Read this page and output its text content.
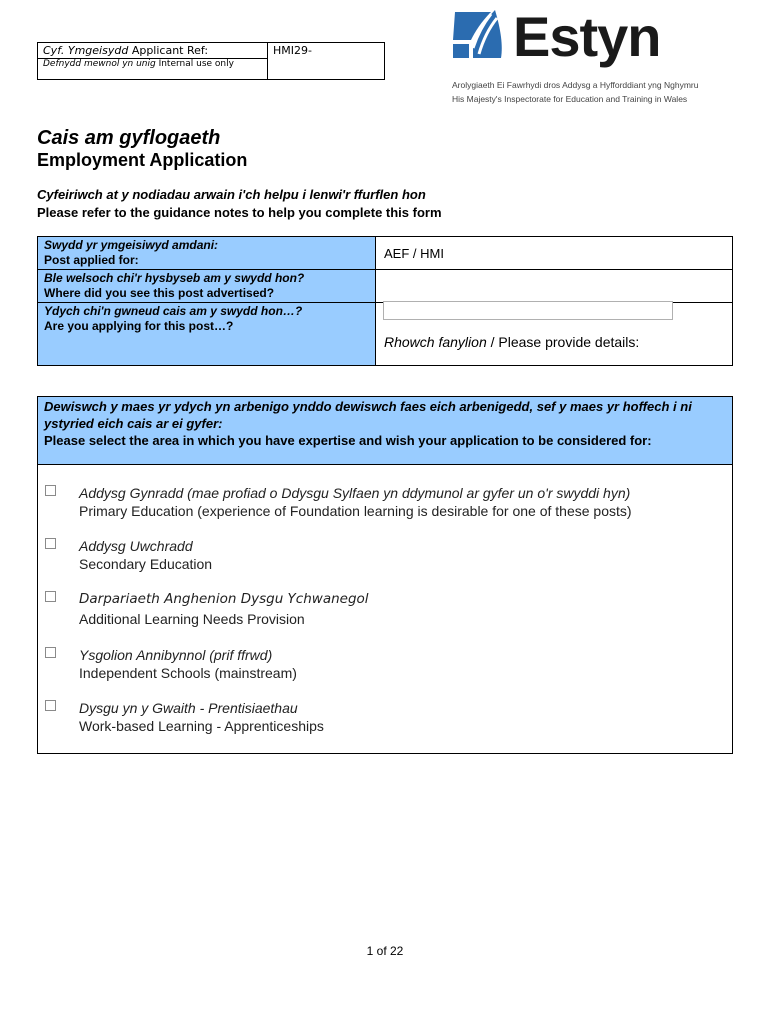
Cyf. Ymgeisydd Applicant Ref:
Defnydd mewnol yn unig Internal use only
HMI29-	Estyn
Arolygiaeth Ei Fawrhydi dros Addysg a Hyfforddiant yng Nghymru
His Majesty's Inspectorate for Education and Training in Wales
Cais am gyflogaeth
Employment Application
Cyfeiriwch at y nodiadau arwain i'ch helpu i lenwi'r ffurflen hon
Please refer to the guidance notes to help you complete this form
Swydd yr ymgeisiwyd amdani:
Post applied for:	AEF / HMI
Ble welsoch chi'r hysbyseb am y swydd hon?
Where did you see this post advertised?
Ydych chi'n gwneud cais am y swydd hon…?
Are you applying for this post…?
Rhowch fanylion / Please provide details:
Dewiswch y maes yr ydych yn arbenigo ynddo dewiswch faes eich arbenigedd, sef y maes yr hoffech i ni ystyried eich cais ar ei gyfer:
Please select the area in which you have expertise and wish your application to be considered for:
Addysg Gynradd (mae profiad o Ddysgu Sylfaen yn ddymunol ar gyfer un o'r swyddi hyn)
Primary Education (experience of Foundation learning is desirable for one of these posts)
Addysg Uwchradd
Secondary Education
Darpariaeth Anghenion Dysgu Ychwanegol
Additional Learning Needs Provision
Ysgolion Annibynnol (prif ffrwd)
Independent Schools (mainstream)
Dysgu yn y Gwaith - Prentisiaethau
Work-based Learning - Apprenticeships
1 of 22
